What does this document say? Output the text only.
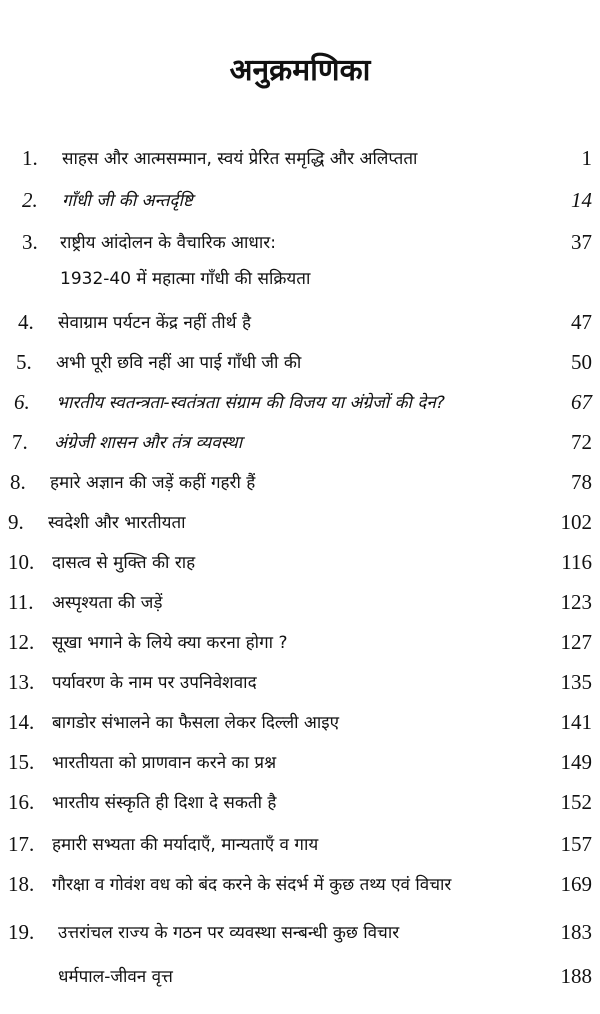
अनुक्रमणिका
1. साहस और आत्मसम्मान, स्वयं प्रेरित समृद्धि और अलिप्तता	1
2. गाँधी जी की अन्तर्दृष्टि	14
3. राष्ट्रीय आंदोलन के वैचारिक आधार:	37
1932-40 में महात्मा गाँधी की सक्रियता
4. सेवाग्राम पर्यटन केंद्र नहीं तीर्थ है	47
5. अभी पूरी छवि नहीं आ पाई गाँधी जी की	50
6. भारतीय स्वतन्त्रता-स्वतंत्रता संग्राम की विजय या अंग्रेजों की देन?	67
7. अंग्रेजी शासन और तंत्र व्यवस्था	72
8. हमारे अज्ञान की जड़ें कहीं गहरी हैं	78
9. स्वदेशी और भारतीयता	102
10. दासत्व से मुक्ति की राह	116
11. अस्पृश्यता की जड़ें	123
12. सूखा भगाने के लिये क्या करना होगा ?	127
13. पर्यावरण के नाम पर उपनिवेशवाद	135
14. बागडोर संभालने का फैसला लेकर दिल्ली आइए	141
15. भारतीयता को प्राणवान करने का प्रश्न	149
16. भारतीय संस्कृति ही दिशा दे सकती है	152
17. हमारी सभ्यता की मर्यादाएँ, मान्यताएँ व गाय	157
18. गौरक्षा व गोवंश वध को बंद करने के संदर्भ में कुछ तथ्य एवं विचार	169
19. उत्तरांचल राज्य के गठन पर व्यवस्था सन्बन्धी कुछ विचार	183
धर्मपाल-जीवन वृत्त	188
